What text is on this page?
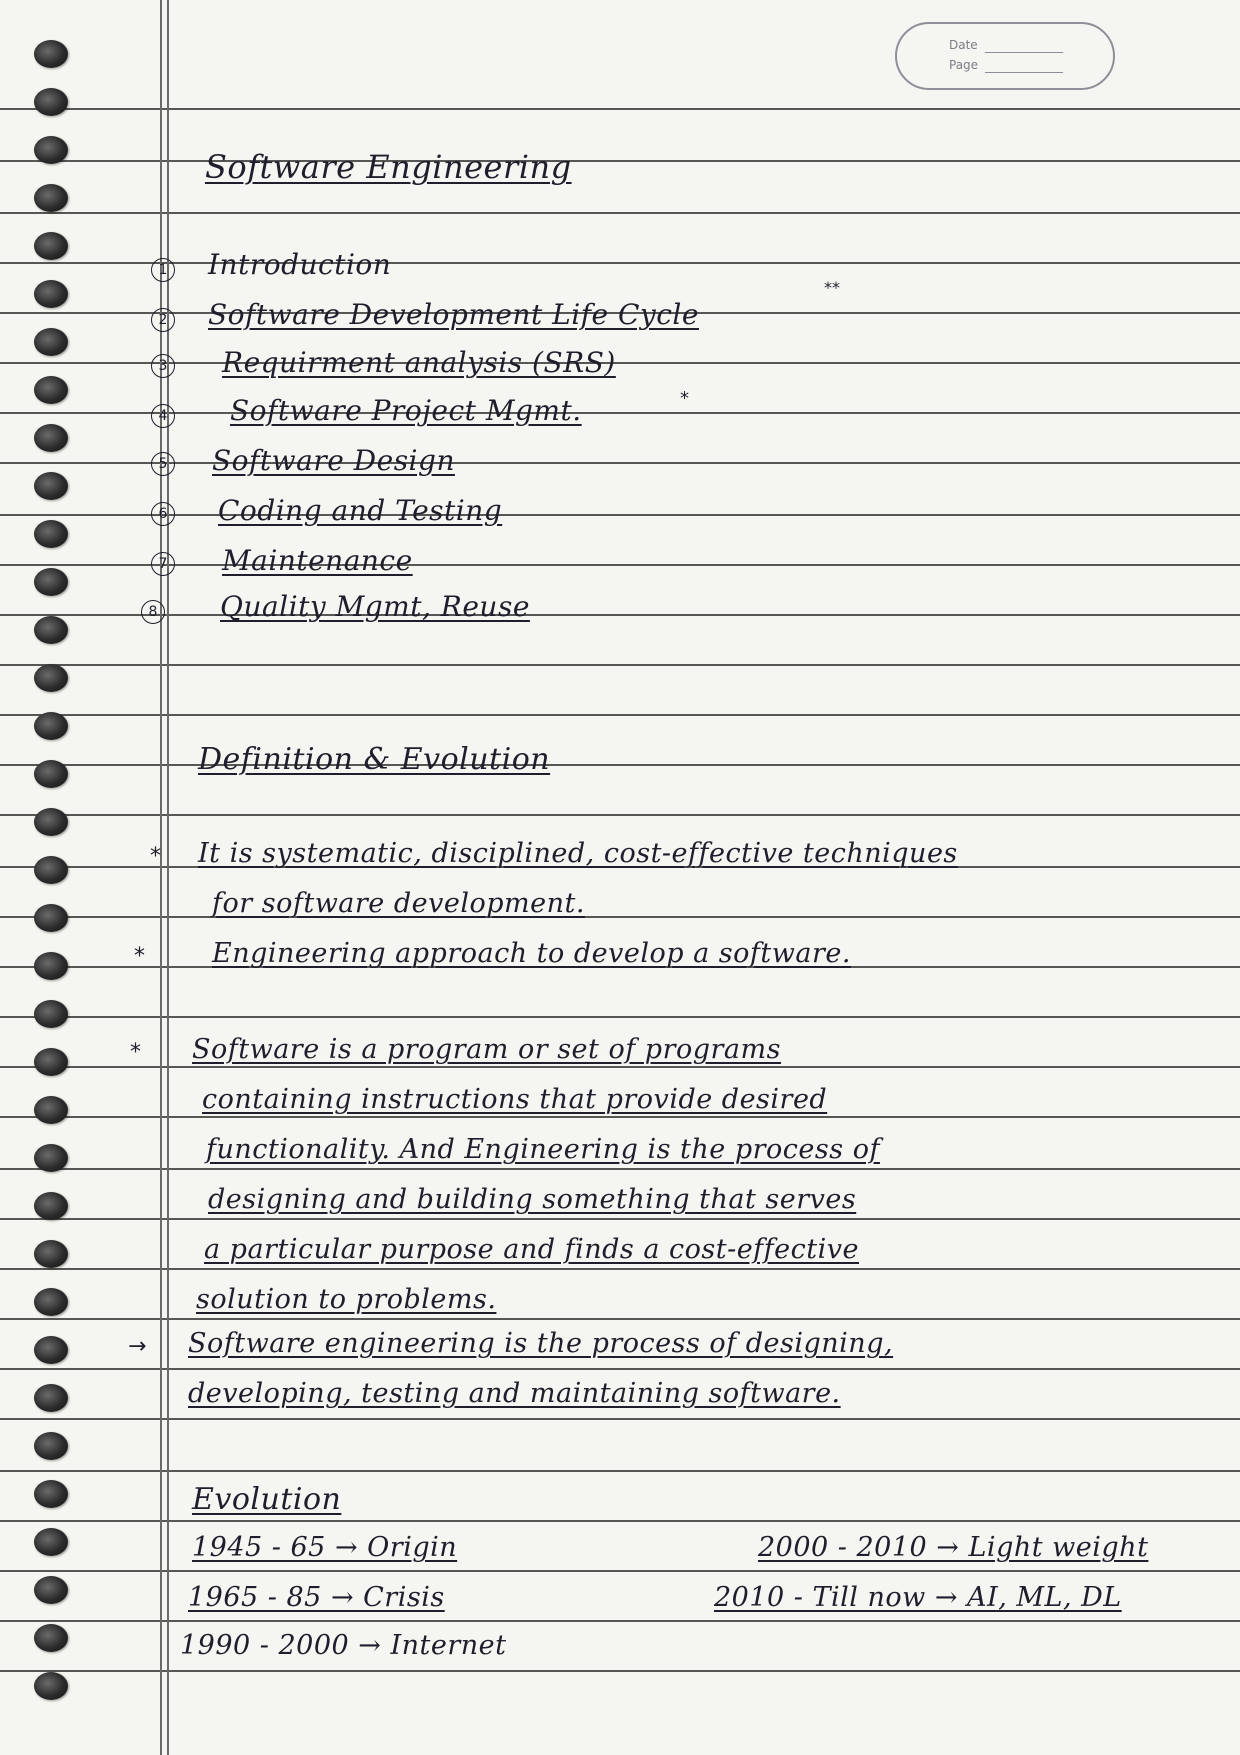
Date
Page
Software Engineering
1 Introduction
2 Software Development Life Cycle
**
3 Requirment analysis (SRS)
4 Software Project Mgmt.	*
5 Software Design
6 Coding and Testing
7 Maintenance
8 Quality Mgmt, Reuse
Definition & Evolution
* It is systematic, disciplined, cost-effective techniques
for software development.
* Engineering approach to develop a software.
* Software is a program or set of programs
containing instructions that provide desired
functionality. And Engineering is the process of
designing and building something that serves
a particular purpose and finds a cost-effective
solution to problems.
→ Software engineering is the process of designing,
developing, testing and maintaining software.
Evolution
1945 - 65 → Origin
1965 - 85 → Crisis
1990 - 2000 → Internet
2000 - 2010 → Light weight
2010 - Till now → AI, ML, DL
